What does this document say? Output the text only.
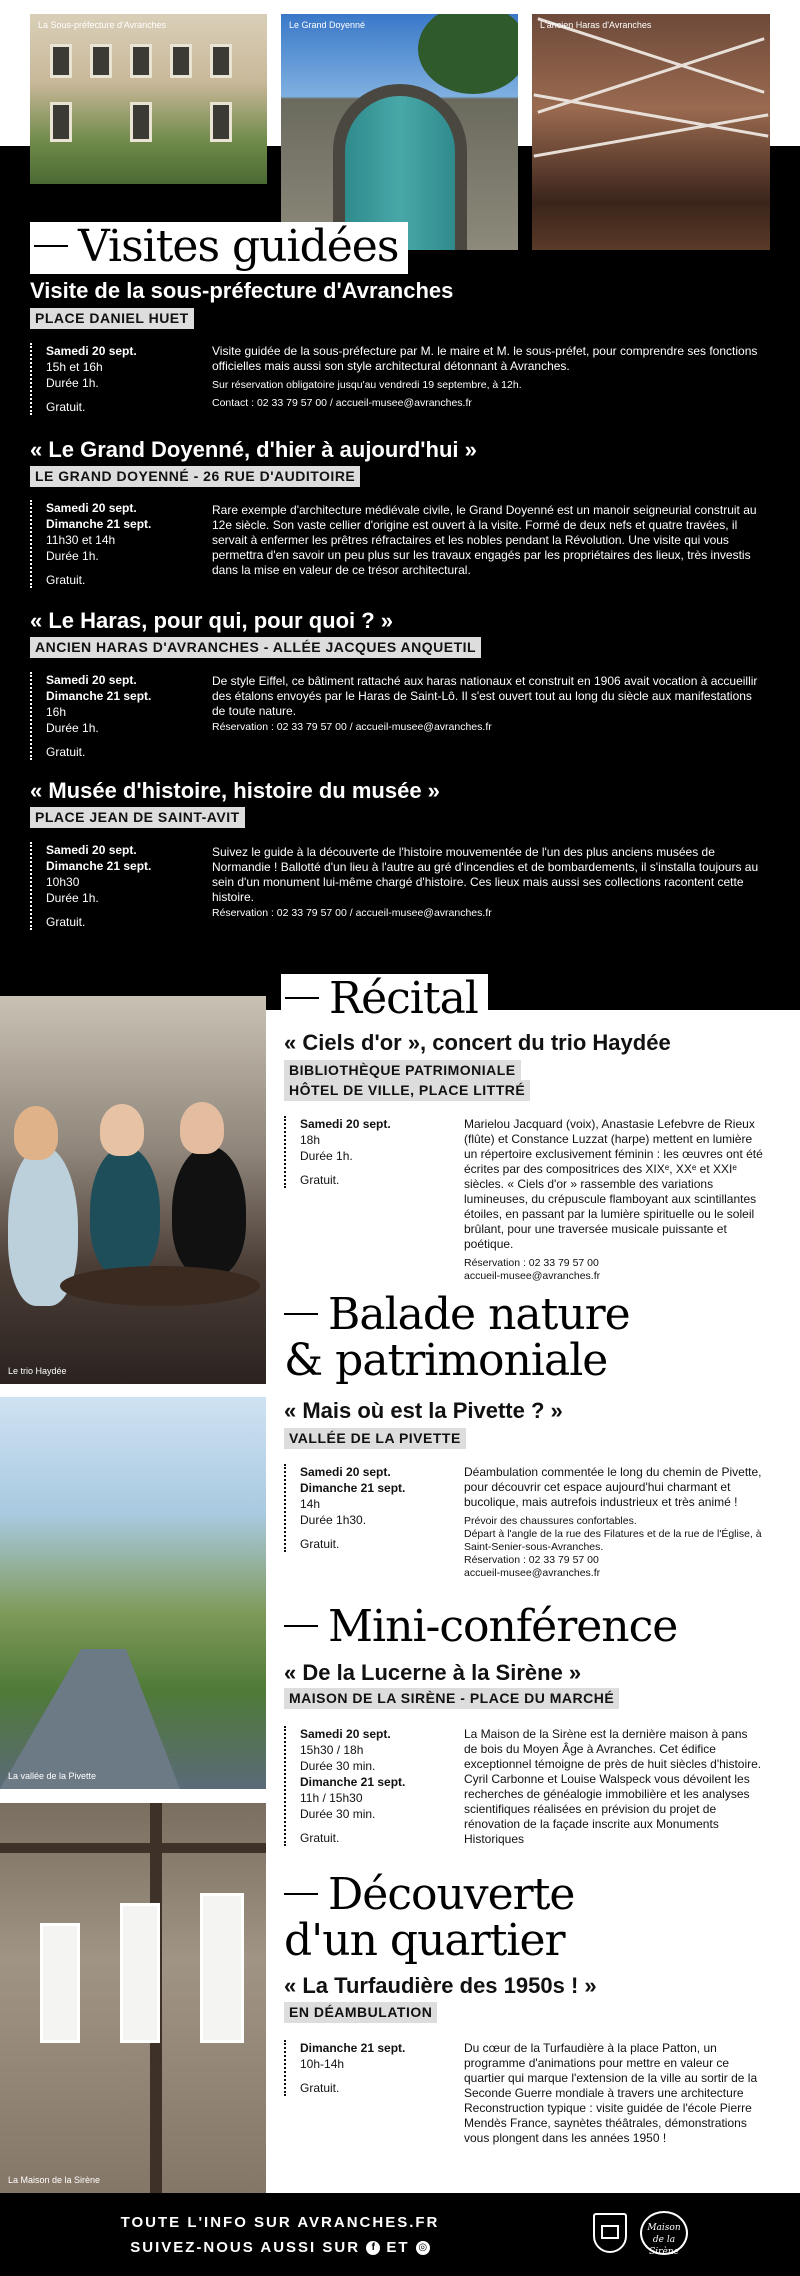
La Sous-préfecture d'Avranches	Le Grand Doyenné	L'ancien Haras d'Avranches
Visites guidées
Visite de la sous-préfecture d'Avranches
PLACE DANIEL HUET
Samedi 20 sept.
15h et 16h
Durée 1h.
Gratuit.
Visite guidée de la sous-préfecture par M. le maire et M. le sous-préfet, pour comprendre ses fonctions officielles mais aussi son style architectural détonnant à Avranches.
Sur réservation obligatoire jusqu'au vendredi 19 septembre, à 12h.
Contact : 02 33 79 57 00 / accueil-musee@avranches.fr
« Le Grand Doyenné, d'hier à aujourd'hui »
LE GRAND DOYENNÉ - 26 RUE D'AUDITOIRE
Samedi 20 sept.
Dimanche 21 sept.
11h30 et 14h
Durée 1h.
Gratuit.
Rare exemple d'architecture médiévale civile, le Grand Doyenné est un manoir seigneurial construit au 12e siècle. Son vaste cellier d'origine est ouvert à la visite. Formé de deux nefs et quatre travées, il servait à enfermer les prêtres réfractaires et les nobles pendant la Révolution. Une visite qui vous permettra d'en savoir un peu plus sur les travaux engagés par les propriétaires des lieux, très investis dans la mise en valeur de ce trésor architectural.
« Le Haras, pour qui, pour quoi ? »
ANCIEN HARAS D'AVRANCHES - ALLÉE JACQUES ANQUETIL
Samedi 20 sept.
Dimanche 21 sept.
16h
Durée 1h.
Gratuit.
De style Eiffel, ce bâtiment rattaché aux haras nationaux et construit en 1906 avait vocation à accueillir des étalons envoyés par le Haras de Saint-Lô. Il s'est ouvert tout au long du siècle aux manifestations de toute nature.
Réservation : 02 33 79 57 00 / accueil-musee@avranches.fr
« Musée d'histoire, histoire du musée »
PLACE JEAN DE SAINT-AVIT
Samedi 20 sept.
Dimanche 21 sept.
10h30
Durée 1h.
Gratuit.
Suivez le guide à la découverte de l'histoire mouvementée de l'un des plus anciens musées de Normandie ! Ballotté d'un lieu à l'autre au gré d'incendies et de bombardements, il s'installa toujours au sein d'un monument lui-même chargé d'histoire. Ces lieux mais aussi ses collections racontent cette histoire.
Réservation : 02 33 79 57 00 / accueil-musee@avranches.fr
Le trio Haydée
La vallée de la Pivette
La Maison de la Sirène
Récital
« Ciels d'or », concert du trio Haydée
BIBLIOTHÈQUE PATRIMONIALE
HÔTEL DE VILLE, PLACE LITTRÉ
Samedi 20 sept.
18h
Durée 1h.
Gratuit.
Marielou Jacquard (voix), Anastasie Lefebvre de Rieux (flûte) et Constance Luzzat (harpe) mettent en lumière un répertoire exclusivement féminin : les œuvres ont été écrites par des compositrices des XIXᵉ, XXᵉ et XXIᵉ siècles. « Ciels d'or » rassemble des variations lumineuses, du crépuscule flamboyant aux scintillantes étoiles, en passant par la lumière spirituelle ou le soleil brûlant, pour une traversée musicale puissante et poétique.
Réservation : 02 33 79 57 00
accueil-musee@avranches.fr
Balade nature
& patrimoniale
« Mais où est la Pivette ? »
VALLÉE DE LA PIVETTE
Samedi 20 sept.
Dimanche 21 sept.
14h
Durée 1h30.
Gratuit.
Déambulation commentée le long du chemin de Pivette, pour découvrir cet espace aujourd'hui charmant et bucolique, mais autrefois industrieux et très animé !
Prévoir des chaussures confortables.
Départ à l'angle de la rue des Filatures et de la rue de l'Église, à Saint-Senier-sous-Avranches.
Réservation : 02 33 79 57 00
accueil-musee@avranches.fr
Mini-conférence
« De la Lucerne à la Sirène »
MAISON DE LA SIRÈNE - PLACE DU MARCHÉ
Samedi 20 sept.
15h30 / 18h
Durée 30 min.
Dimanche 21 sept.
11h / 15h30
Durée 30 min.
Gratuit.
La Maison de la Sirène est la dernière maison à pans de bois du Moyen Âge à Avranches. Cet édifice exceptionnel témoigne de près de huit siècles d'histoire. Cyril Carbonne et Louise Walspeck vous dévoilent les recherches de généalogie immobilière et les analyses scientifiques réalisées en prévision du projet de rénovation de la façade inscrite aux Monuments Historiques
Découverte
d'un quartier
« La Turfaudière des 1950s ! »
EN DÉAMBULATION
Dimanche 21 sept.
10h-14h
Gratuit.
Du cœur de la Turfaudière à la place Patton, un programme d'animations pour mettre en valeur ce quartier qui marque l'extension de la ville au sortir de la Seconde Guerre mondiale à travers une architecture Reconstruction typique : visite guidée de l'école Pierre Mendès France, saynètes théâtrales, démonstrations vous plongent dans les années 1950 !
TOUTE L'INFO SUR AVRANCHES.FR
SUIVEZ-NOUS AUSSI SUR f ET ◎
Maison de la Sirène
